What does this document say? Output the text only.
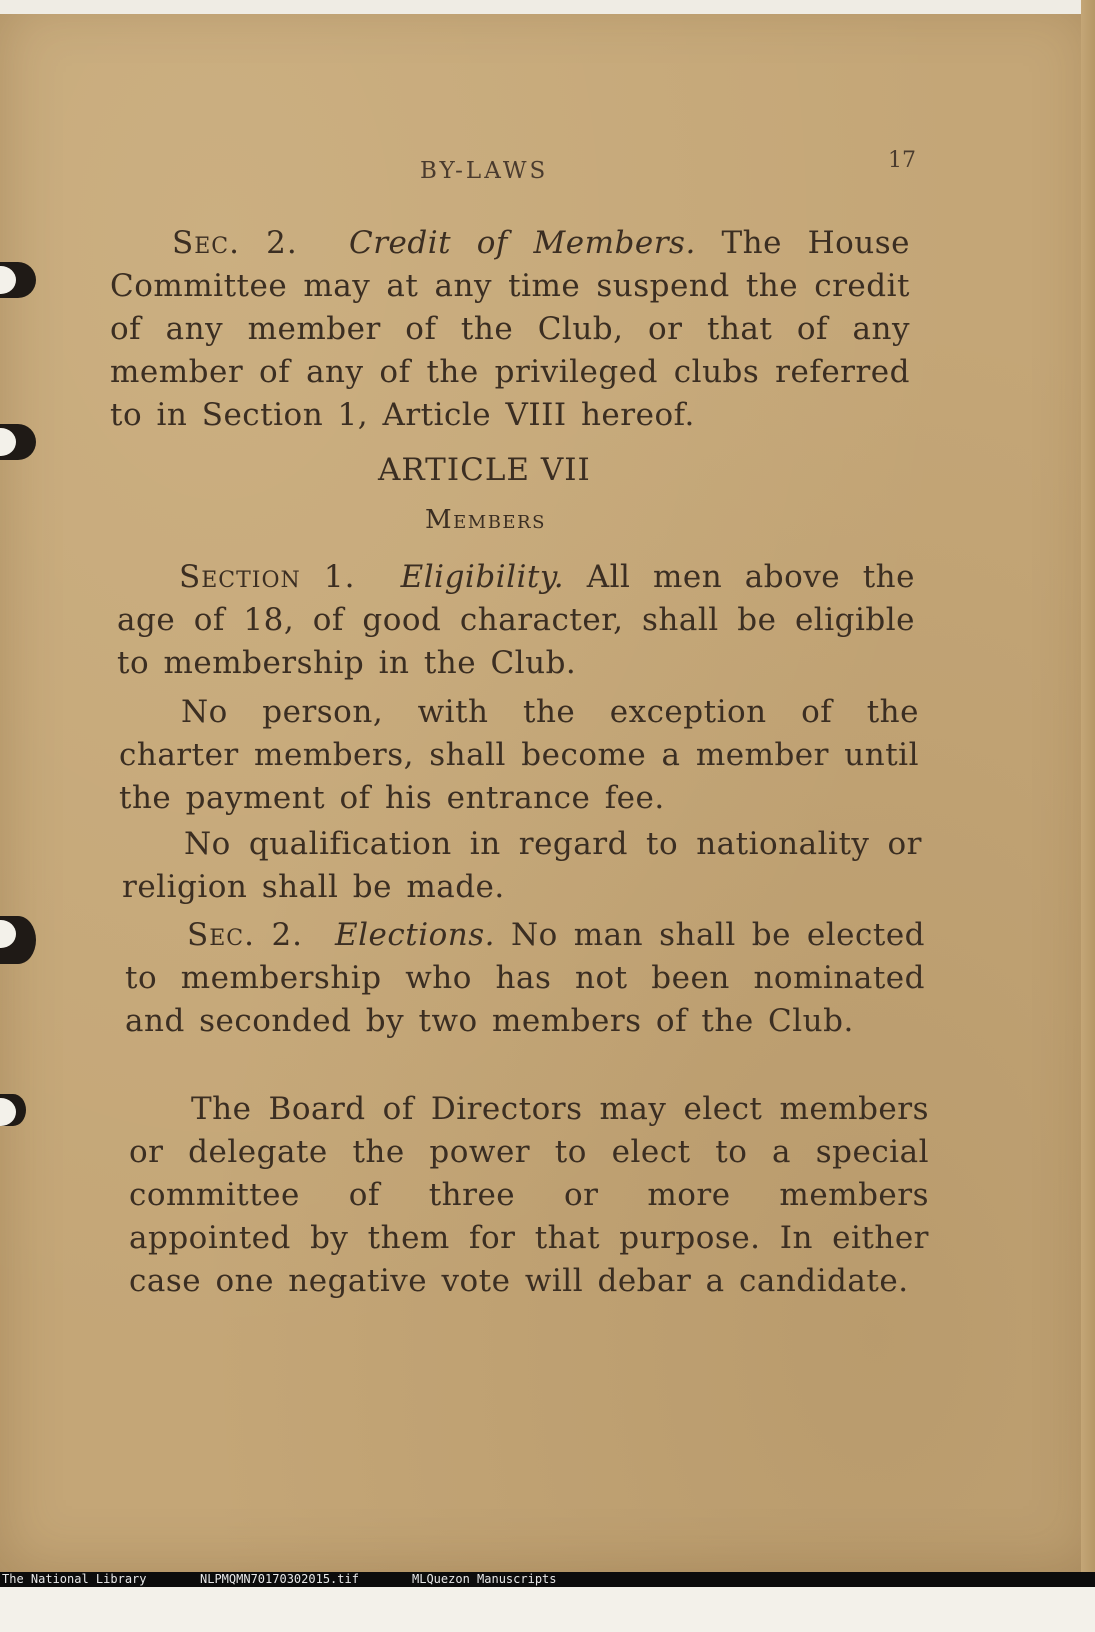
BY-LAWS	17

Sec. 2. Credit of Members. The House Committee may at any time suspend the credit of any member of the Club, or that of any member of any of the privileged clubs referred to in Section 1, Article VIII hereof.

ARTICLE VII
Members

Section 1. Eligibility. All men above the age of 18, of good character, shall be eligible to membership in the Club.

No person, with the exception of the charter members, shall become a member until the payment of his entrance fee.

No qualification in regard to nationality or religion shall be made.

Sec. 2. Elections. No man shall be elected to membership who has not been nominated and seconded by two members of the Club.

The Board of Directors may elect members or delegate the power to elect to a special committee of three or more members appointed by them for that purpose. In either case one negative vote will debar a candidate.

The National Library

	NLPMQMN70170302015.tif

	MLQuezon Manuscripts
